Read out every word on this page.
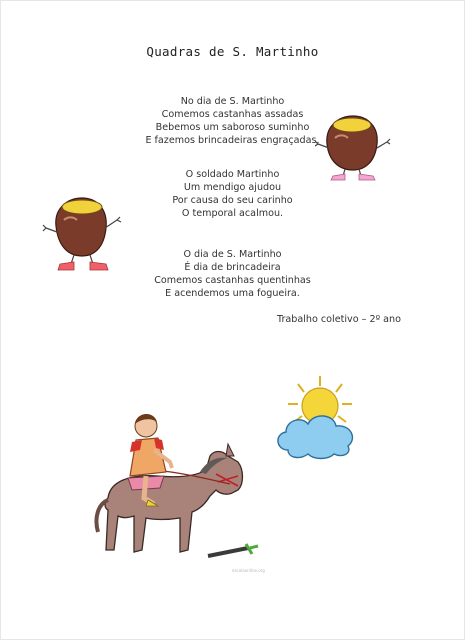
Quadras de S. Martinho
No dia de S. Martinho
Comemos castanhas assadas
Bebemos um saboroso suminho
E fazemos brincadeiras engraçadas.
O soldado Martinho
Um mendigo ajudou
Por causa do seu carinho
O temporal acalmou.
O dia de S. Martinho
É dia de brincadeira
Comemos castanhas quentinhas
E acendemos uma fogueira.
Trabalho coletivo – 2º ano
escolaonline.org
